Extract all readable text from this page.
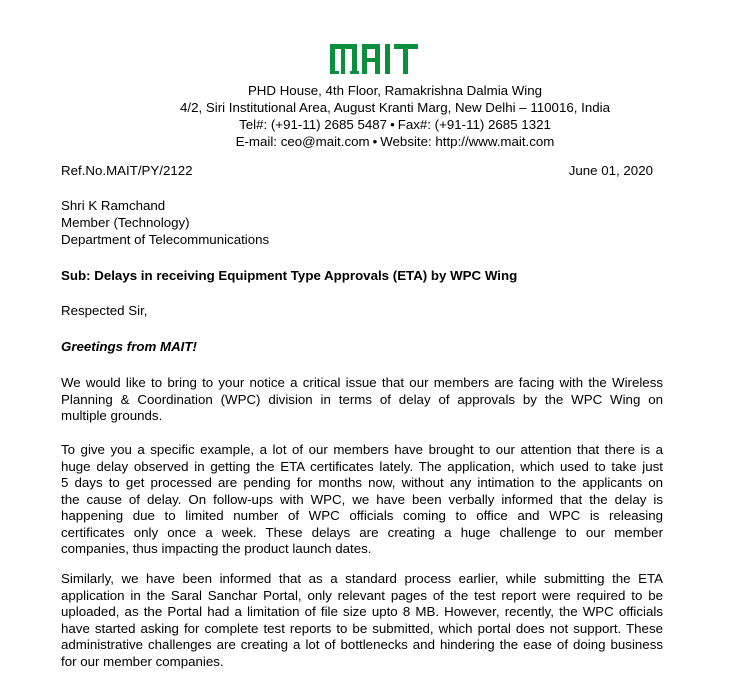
PHD House, 4th Floor, Ramakrishna Dalmia Wing
4/2, Siri Institutional Area, August Kranti Marg, New Delhi – 110016, India
Tel#: (+91-11) 2685 5487 • Fax#: (+91-11) 2685 1321
E-mail: ceo@mait.com • Website: http://www.mait.com
Ref.No.MAIT/PY/2122	June 01, 2020
Shri K Ramchand
Member (Technology)
Department of Telecommunications
Sub: Delays in receiving Equipment Type Approvals (ETA) by WPC Wing
Respected Sir,
Greetings from MAIT!
We would like to bring to your notice a critical issue that our members are facing with the Wireless
Planning & Coordination (WPC) division in terms of delay of approvals by the WPC Wing on
multiple grounds.
To give you a specific example, a lot of our members have brought to our attention that there is a
huge delay observed in getting the ETA certificates lately. The application, which used to take just
5 days to get processed are pending for months now, without any intimation to the applicants on
the cause of delay. On follow-ups with WPC, we have been verbally informed that the delay is
happening due to limited number of WPC officials coming to office and WPC is releasing
certificates only once a week. These delays are creating a huge challenge to our member
companies, thus impacting the product launch dates.
Similarly, we have been informed that as a standard process earlier, while submitting the ETA
application in the Saral Sanchar Portal, only relevant pages of the test report were required to be
uploaded, as the Portal had a limitation of file size upto 8 MB. However, recently, the WPC officials
have started asking for complete test reports to be submitted, which portal does not support. These
administrative challenges are creating a lot of bottlenecks and hindering the ease of doing business
for our member companies.
